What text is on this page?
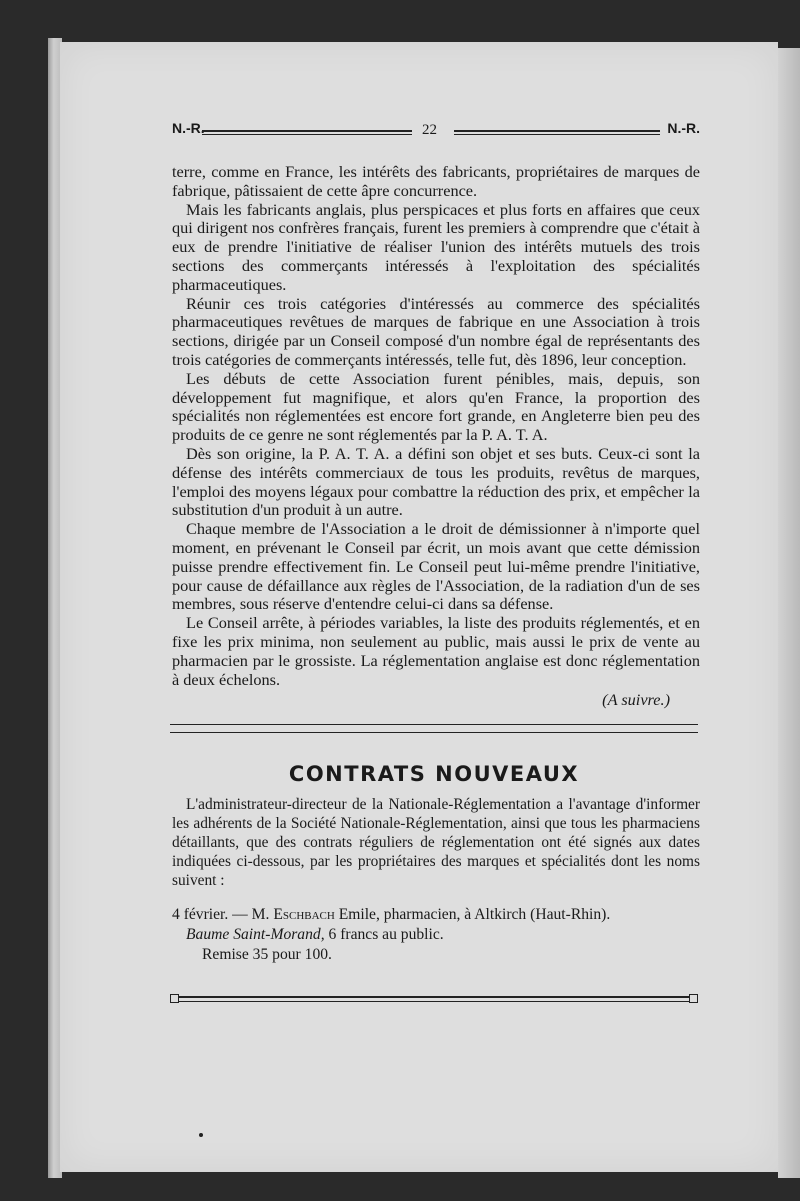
N.-R.	22	N.-R.

terre, comme en France, les intérêts des fabricants, propriétaires de marques de fabrique, pâtissaient de cette âpre concurrence.

Mais les fabricants anglais, plus perspicaces et plus forts en affaires que ceux qui dirigent nos confrères français, furent les premiers à comprendre que c'était à eux de prendre l'initiative de réaliser l'union des intérêts mutuels des trois sections des commerçants intéressés à l'exploitation des spécialités pharmaceutiques.

Réunir ces trois catégories d'intéressés au commerce des spécialités pharmaceutiques revêtues de marques de fabrique en une Association à trois sections, dirigée par un Conseil composé d'un nombre égal de représentants des trois catégories de commerçants intéressés, telle fut, dès 1896, leur conception.

Les débuts de cette Association furent pénibles, mais, depuis, son développement fut magnifique, et alors qu'en France, la proportion des spécialités non réglementées est encore fort grande, en Angleterre bien peu des produits de ce genre ne sont réglementés par la P. A. T. A.

Dès son origine, la P. A. T. A. a défini son objet et ses buts. Ceux-ci sont la défense des intérêts commerciaux de tous les produits, revêtus de marques, l'emploi des moyens légaux pour combattre la réduction des prix, et empêcher la substitution d'un produit à un autre.

Chaque membre de l'Association a le droit de démissionner à n'importe quel moment, en prévenant le Conseil par écrit, un mois avant que cette démission puisse prendre effectivement fin. Le Conseil peut lui-même prendre l'initiative, pour cause de défaillance aux règles de l'Association, de la radiation d'un de ses membres, sous réserve d'entendre celui-ci dans sa défense.

Le Conseil arrête, à périodes variables, la liste des produits réglementés, et en fixe les prix minima, non seulement au public, mais aussi le prix de vente au pharmacien par le grossiste. La réglementation anglaise est donc réglementation à deux échelons.

(A suivre.)
CONTRATS NOUVEAUX

L'administrateur-directeur de la Nationale-Réglementation a l'avantage d'informer les adhérents de la Société Nationale-Réglementation, ainsi que tous les pharmaciens détaillants, que des contrats réguliers de réglementation ont été signés aux dates indiquées ci-dessous, par les propriétaires des marques et spécialités dont les noms suivent :

4 février. — M. Eschbach Emile, pharmacien, à Altkirch (Haut-Rhin).
Baume Saint-Morand, 6 francs au public.
Remise 35 pour 100.
